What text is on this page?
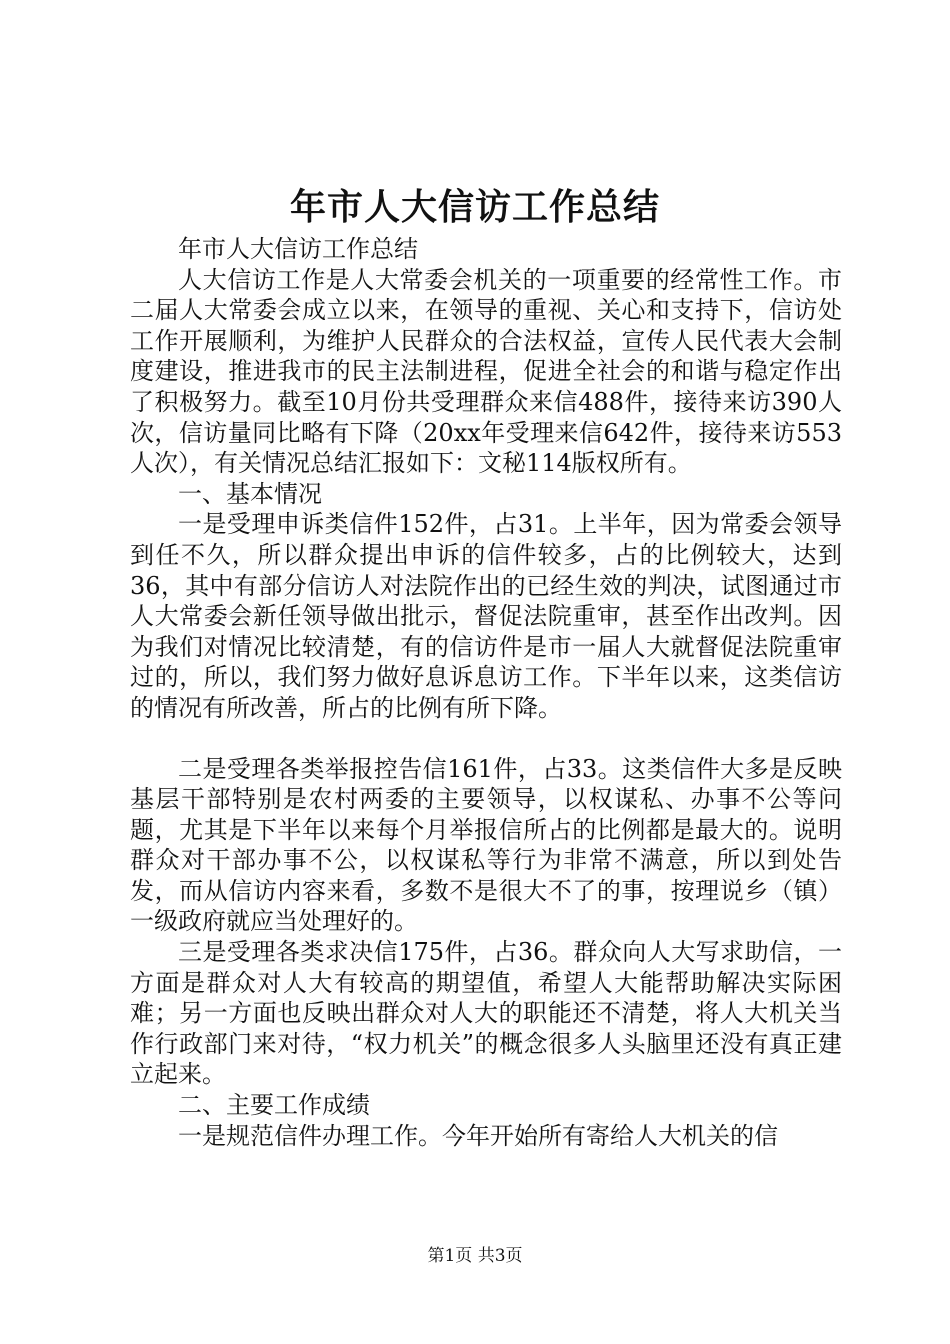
年市人大信访工作总结

年市人大信访工作总结

人大信访工作是人大常委会机关的一项重要的经常性工作。市二届人大常委会成立以来，在领导的重视、关心和支持下，信访处工作开展顺利，为维护人民群众的合法权益，宣传人民代表大会制度建设，推进我市的民主法制进程，促进全社会的和谐与稳定作出了积极努力。截至10月份共受理群众来信488件，接待来访390人次，信访量同比略有下降（20xx年受理来信642件，接待来访553人次），有关情况总结汇报如下：文秘114版权所有。

一、基本情况

一是受理申诉类信件152件，占31。上半年，因为常委会领导到任不久，所以群众提出申诉的信件较多，占的比例较大，达到36，其中有部分信访人对法院作出的已经生效的判决，试图通过市人大常委会新任领导做出批示，督促法院重审，甚至作出改判。因为我们对情况比较清楚，有的信访件是市一届人大就督促法院重审过的，所以，我们努力做好息诉息访工作。下半年以来，这类信访的情况有所改善，所占的比例有所下降。

二是受理各类举报控告信161件，占33。这类信件大多是反映基层干部特别是农村两委的主要领导，以权谋私、办事不公等问题，尤其是下半年以来每个月举报信所占的比例都是最大的。说明群众对干部办事不公，以权谋私等行为非常不满意，所以到处告发，而从信访内容来看，多数不是很大不了的事，按理说乡（镇）一级政府就应当处理好的。

三是受理各类求决信175件，占36。群众向人大写求助信，一方面是群众对人大有较高的期望值，希望人大能帮助解决实际困难；另一方面也反映出群众对人大的职能还不清楚，将人大机关当作行政部门来对待，“权力机关”的概念很多人头脑里还没有真正建立起来。

二、主要工作成绩

一是规范信件办理工作。今年开始所有寄给人大机关的信

第1页 共3页
